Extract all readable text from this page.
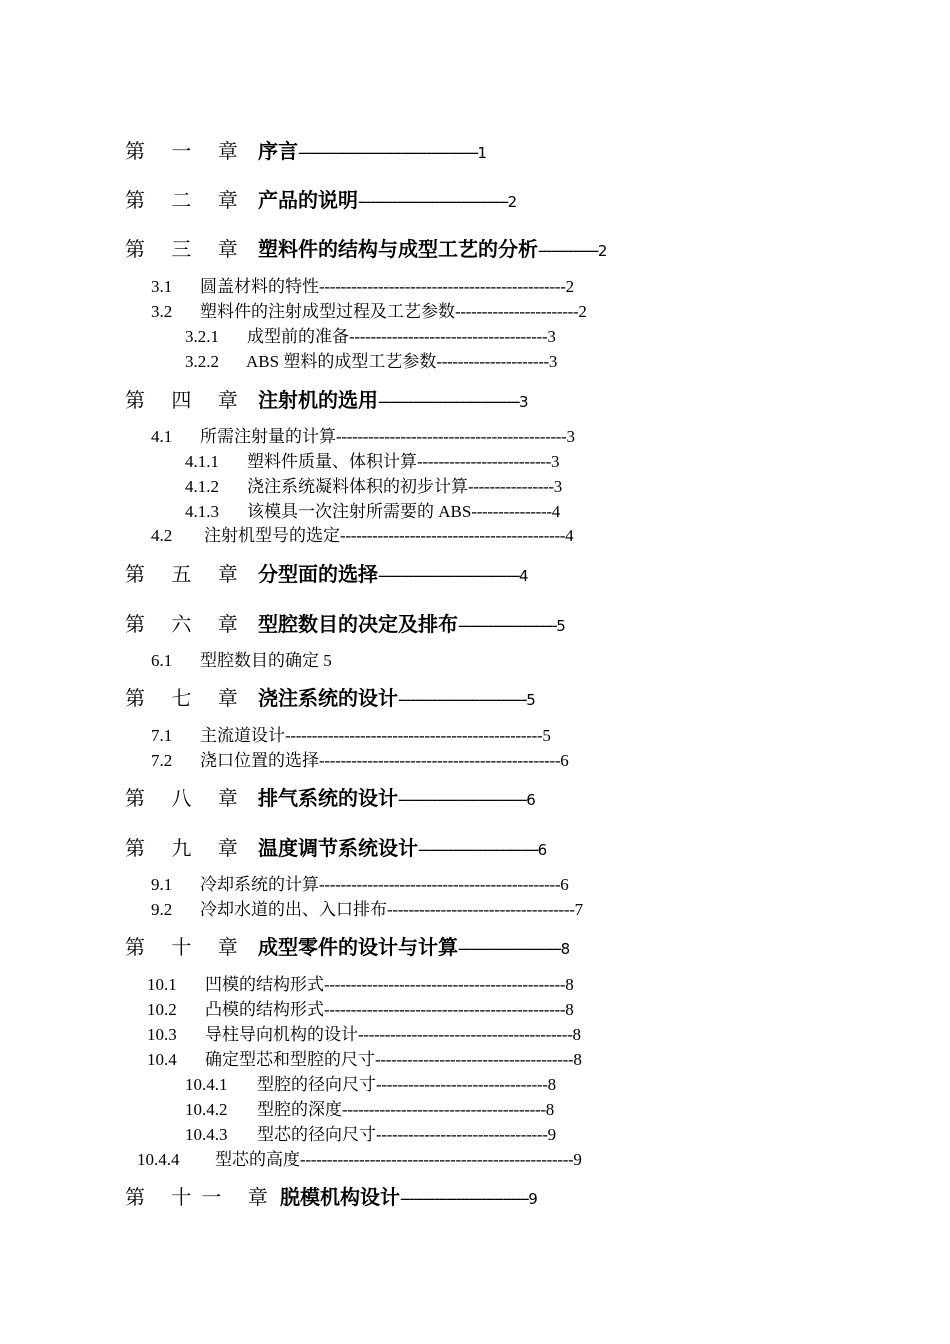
第 一 章 序言------------------------------------------1
第 二 章 产品的说明-----------------------------------2
第 三 章 塑料件的结构与成型工艺的分析--------------2
3.1 圆盖材料的特性----------------------------------------------2
3.2 塑料件的注射成型过程及工艺参数-----------------------2
3.2.1 成型前的准备-------------------------------------3
3.2.2 ABS 塑料的成型工艺参数---------------------3
第 四 章 注射机的选用---------------------------------3
4.1 所需注射量的计算-------------------------------------------3
4.1.1 塑料件质量、体积计算-------------------------3
4.1.2 浇注系统凝料体积的初步计算----------------3
4.1.3 该模具一次注射所需要的 ABS---------------4
4.2 注射机型号的选定------------------------------------------4
第 五 章 分型面的选择---------------------------------4
第 六 章 型腔数目的决定及排布-----------------------5
6.1 型腔数目的确定 5
第 七 章 浇注系统的设计------------------------------5
7.1 主流道设计------------------------------------------------5
7.2 浇口位置的选择---------------------------------------------6
第 八 章 排气系统的设计------------------------------6
第 九 章 温度调节系统设计----------------------------6
9.1 冷却系统的计算---------------------------------------------6
9.2 冷却水道的出、入口排布-----------------------------------7
第 十 章 成型零件的设计与计算------------------------8
10.1 凹模的结构形式---------------------------------------------8
10.2 凸模的结构形式---------------------------------------------8
10.3 导柱导向机构的设计----------------------------------------8
10.4 确定型芯和型腔的尺寸-------------------------------------8
10.4.1 型腔的径向尺寸--------------------------------8
10.4.2 型腔的深度--------------------------------------8
10.4.3 型芯的径向尺寸--------------------------------9
10.4.4 型芯的高度---------------------------------------------------9
第 十一 章 脱模机构设计------------------------------9
